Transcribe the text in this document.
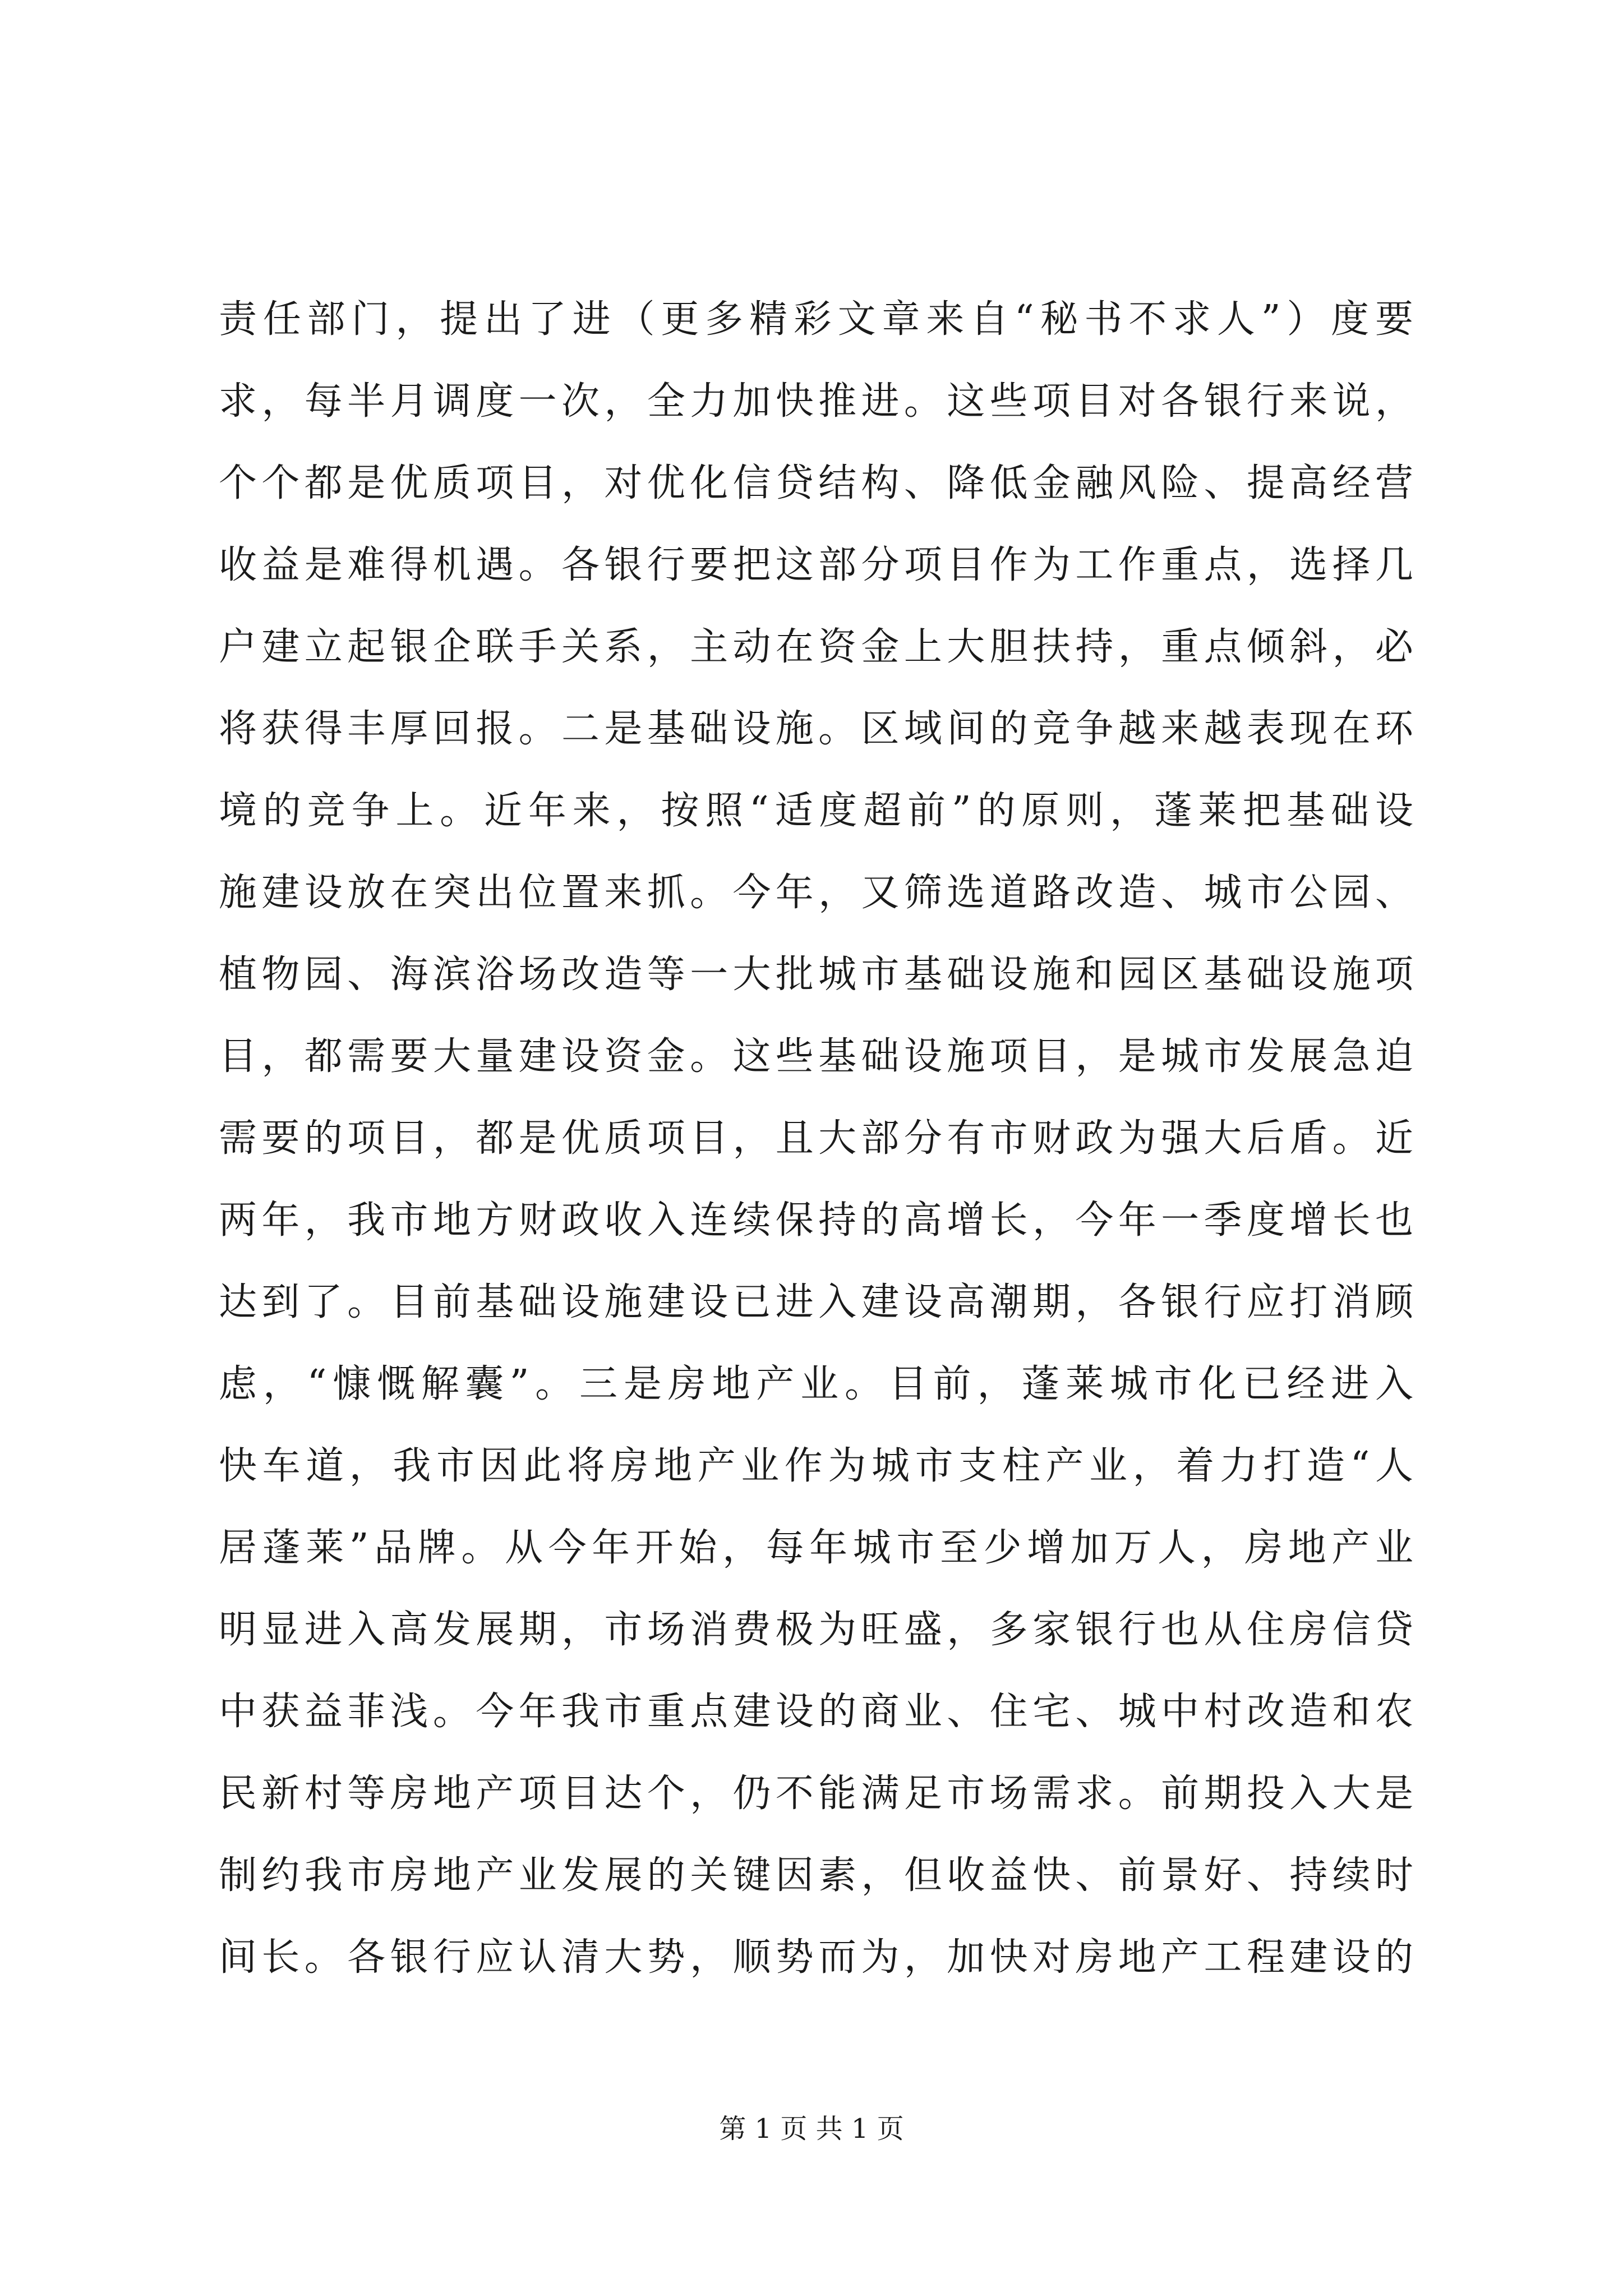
责任部门，提出了进（更多精彩文章来自“秘书不求人”）度要
求，每半月调度一次，全力加快推进。这些项目对各银行来说，
个个都是优质项目，对优化信贷结构、降低金融风险、提高经营
收益是难得机遇。各银行要把这部分项目作为工作重点，选择几
户建立起银企联手关系，主动在资金上大胆扶持，重点倾斜，必
将获得丰厚回报。二是基础设施。区域间的竞争越来越表现在环
境的竞争上。近年来，按照“适度超前”的原则，蓬莱把基础设
施建设放在突出位置来抓。今年，又筛选道路改造、城市公园、
植物园、海滨浴场改造等一大批城市基础设施和园区基础设施项
目，都需要大量建设资金。这些基础设施项目，是城市发展急迫
需要的项目，都是优质项目，且大部分有市财政为强大后盾。近
两年，我市地方财政收入连续保持的高增长，今年一季度增长也
达到了。目前基础设施建设已进入建设高潮期，各银行应打消顾
虑，“慷慨解囊”。三是房地产业。目前，蓬莱城市化已经进入
快车道，我市因此将房地产业作为城市支柱产业，着力打造“人
居蓬莱”品牌。从今年开始，每年城市至少增加万人，房地产业
明显进入高发展期，市场消费极为旺盛，多家银行也从住房信贷
中获益菲浅。今年我市重点建设的商业、住宅、城中村改造和农
民新村等房地产项目达个，仍不能满足市场需求。前期投入大是
制约我市房地产业发展的关键因素，但收益快、前景好、持续时
间长。各银行应认清大势，顺势而为，加快对房地产工程建设的
第 1 页 共 1 页
